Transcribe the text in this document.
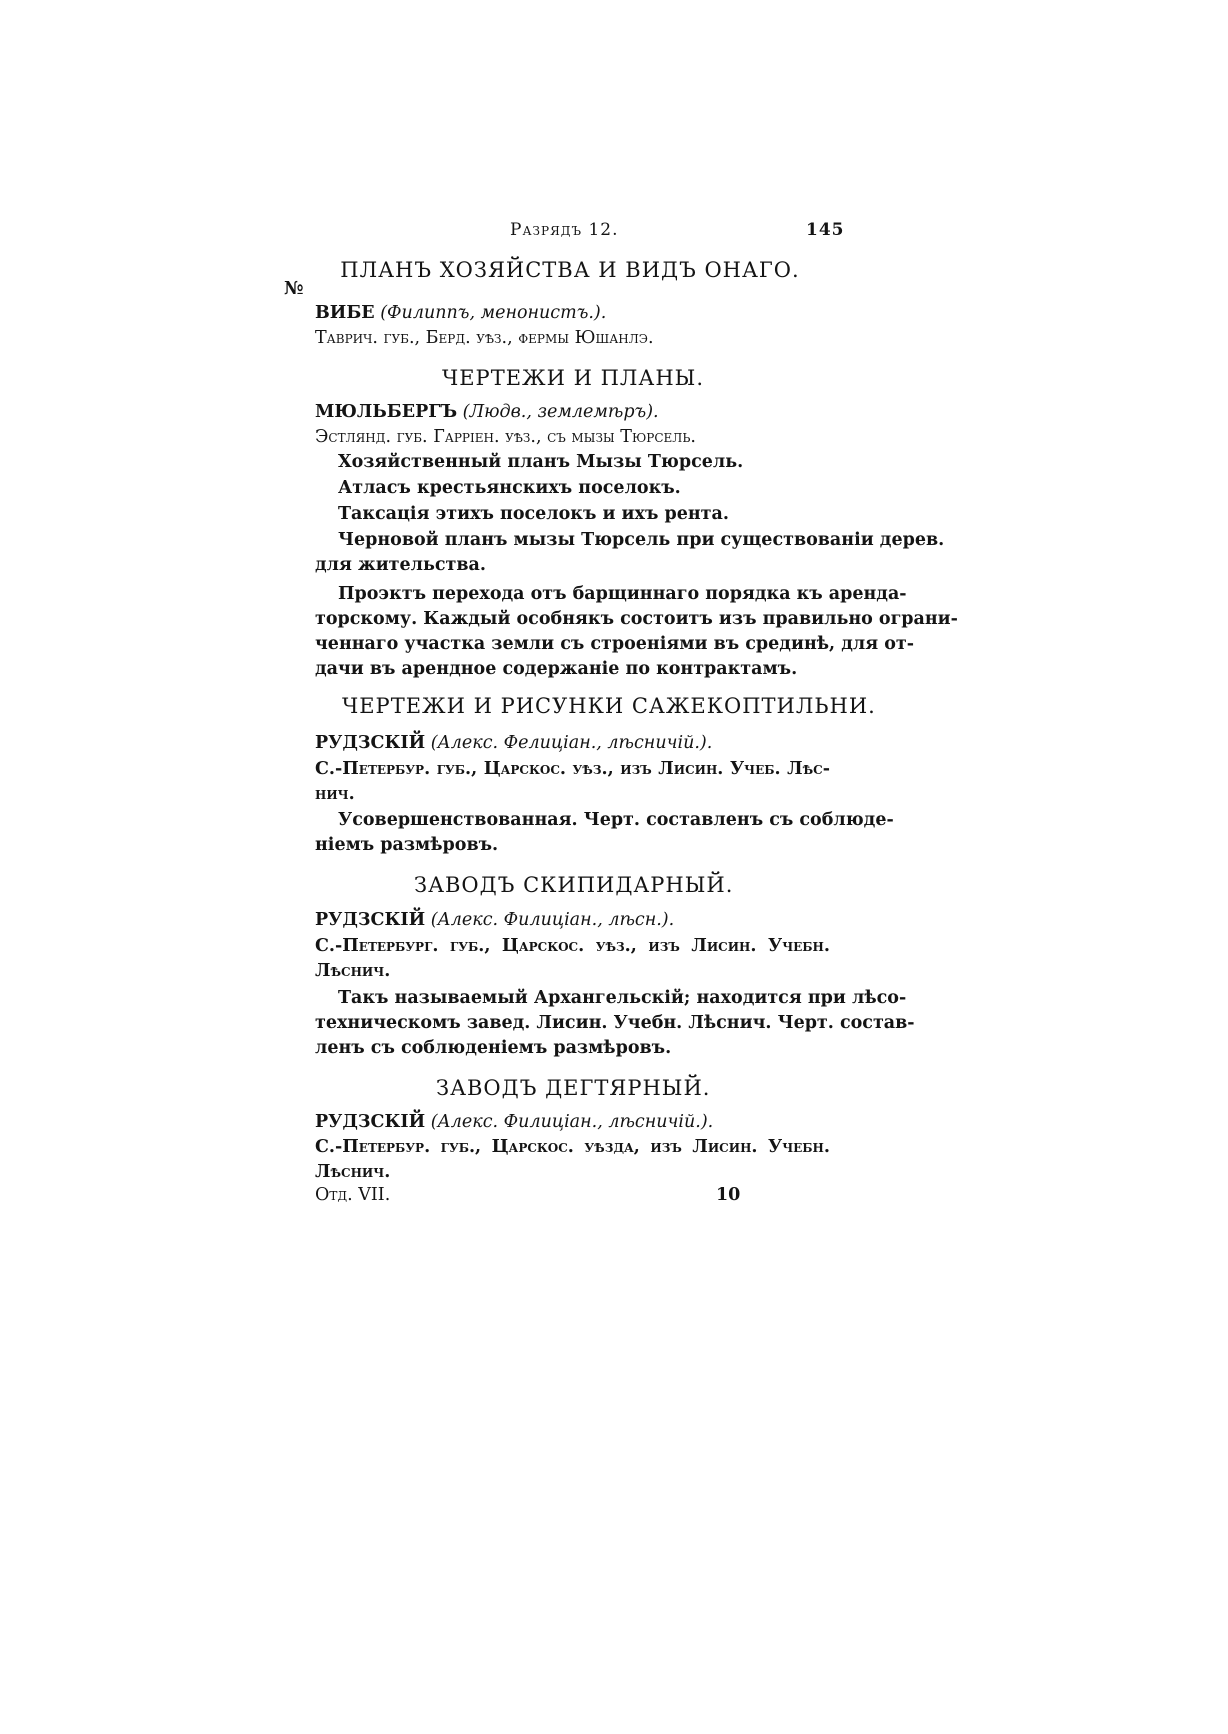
Разрядъ 12.	145
№
ПЛАНЪ ХОЗЯЙСТВА И ВИДЪ ОНАГО.
ВИБЕ (Филиппъ, менонистъ.).
Таврич. губ., Берд. уѣз., фермы Юшанлэ.
ЧЕРТЕЖИ И ПЛАНЫ.
МЮЛЬБЕРГЪ (Людв., землемѣръ).
Эстлянд. губ. Гарріен. уѣз., съ мызы Тюрсель.
Хозяйственный планъ Мызы Тюрсель.
Атласъ крестьянскихъ поселокъ.
Таксація этихъ поселокъ и ихъ рента.
Черновой планъ мызы Тюрсель при существованіи дерев.
для жительства.
Проэктъ перехода отъ барщиннаго порядка къ аренда-
торскому. Каждый особнякъ состоитъ изъ правильно ограни-
ченнаго участка земли съ строеніями въ срединѣ, для от-
дачи въ арендное содержаніе по контрактамъ.
ЧЕРТЕЖИ И РИСУНКИ САЖЕКОПТИЛЬНИ.
РУДЗСКІЙ (Алекс. Фелиціан., лѣсничій.).
С.-Петербур. губ., Царскос. уѣз., изъ Лисин. Учеб. Лѣс-
нич.
Усовершенствованная. Черт. составленъ съ соблюде-
ніемъ размѣровъ.
ЗАВОДЪ СКИПИДАРНЫЙ.
РУДЗСКІЙ (Алекс. Филиціан., лѣсн.).
С.-Петербург. губ., Царскос. уѣз., изъ Лисин. Учебн.
Лѣснич.
Такъ называемый Архангельскій; находится при лѣсо-
техническомъ завед. Лисин. Учебн. Лѣснич. Черт. состав-
ленъ съ соблюденіемъ размѣровъ.
ЗАВОДЪ ДЕГТЯРНЫЙ.
РУДЗСКІЙ (Алекс. Филиціан., лѣсничій.).
С.-Петербур. губ., Царскос. уѣзда, изъ Лисин. Учебн.
Лѣснич.
Отд. VII.	10
